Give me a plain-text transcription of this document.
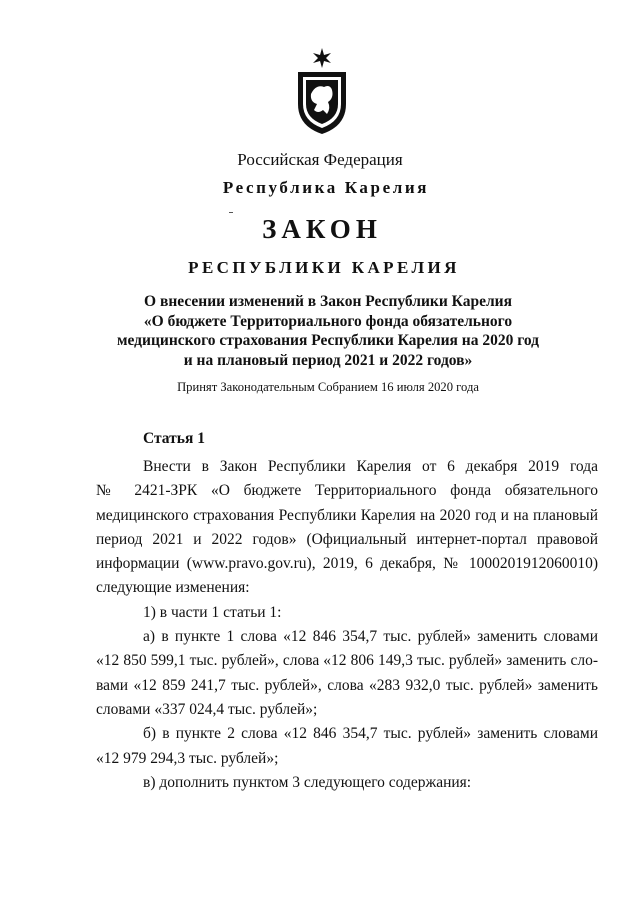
Российская Федерация
Республика Карелия
ЗАКОН
РЕСПУБЛИКИ КАРЕЛИЯ
О внесении изменений в Закон Республики Карелия
«О бюджете Территориального фонда обязательного
медицинского страхования Республики Карелия на 2020 год
и на плановый период 2021 и 2022 годов»
Принят Законодательным Собранием 16 июля 2020 года
Статья 1

Внести в Закон Республики Карелия от 6 декабря 2019 года

№ 2421-ЗРК «О бюджете Территориального фонда обязательного

медицинского страхования Республики Карелия на 2020 год и на плановый

период 2021 и 2022 годов» (Официальный интернет-портал правовой

информации (www.pravo.gov.ru), 2019, 6 декабря, № 1000201912060010)

следующие изменения:

1) в части 1 статьи 1:

а) в пункте 1 слова «12 846 354,7 тыс. рублей» заменить словами

«12 850 599,1 тыс. рублей», слова «12 806 149,3 тыс. рублей» заменить сло-

вами «12 859 241,7 тыс. рублей», слова «283 932,0 тыс. рублей» заменить

словами «337 024,4 тыс. рублей»;

б) в пункте 2 слова «12 846 354,7 тыс. рублей» заменить словами

«12 979 294,3 тыс. рублей»;

в) дополнить пунктом 3 следующего содержания:
